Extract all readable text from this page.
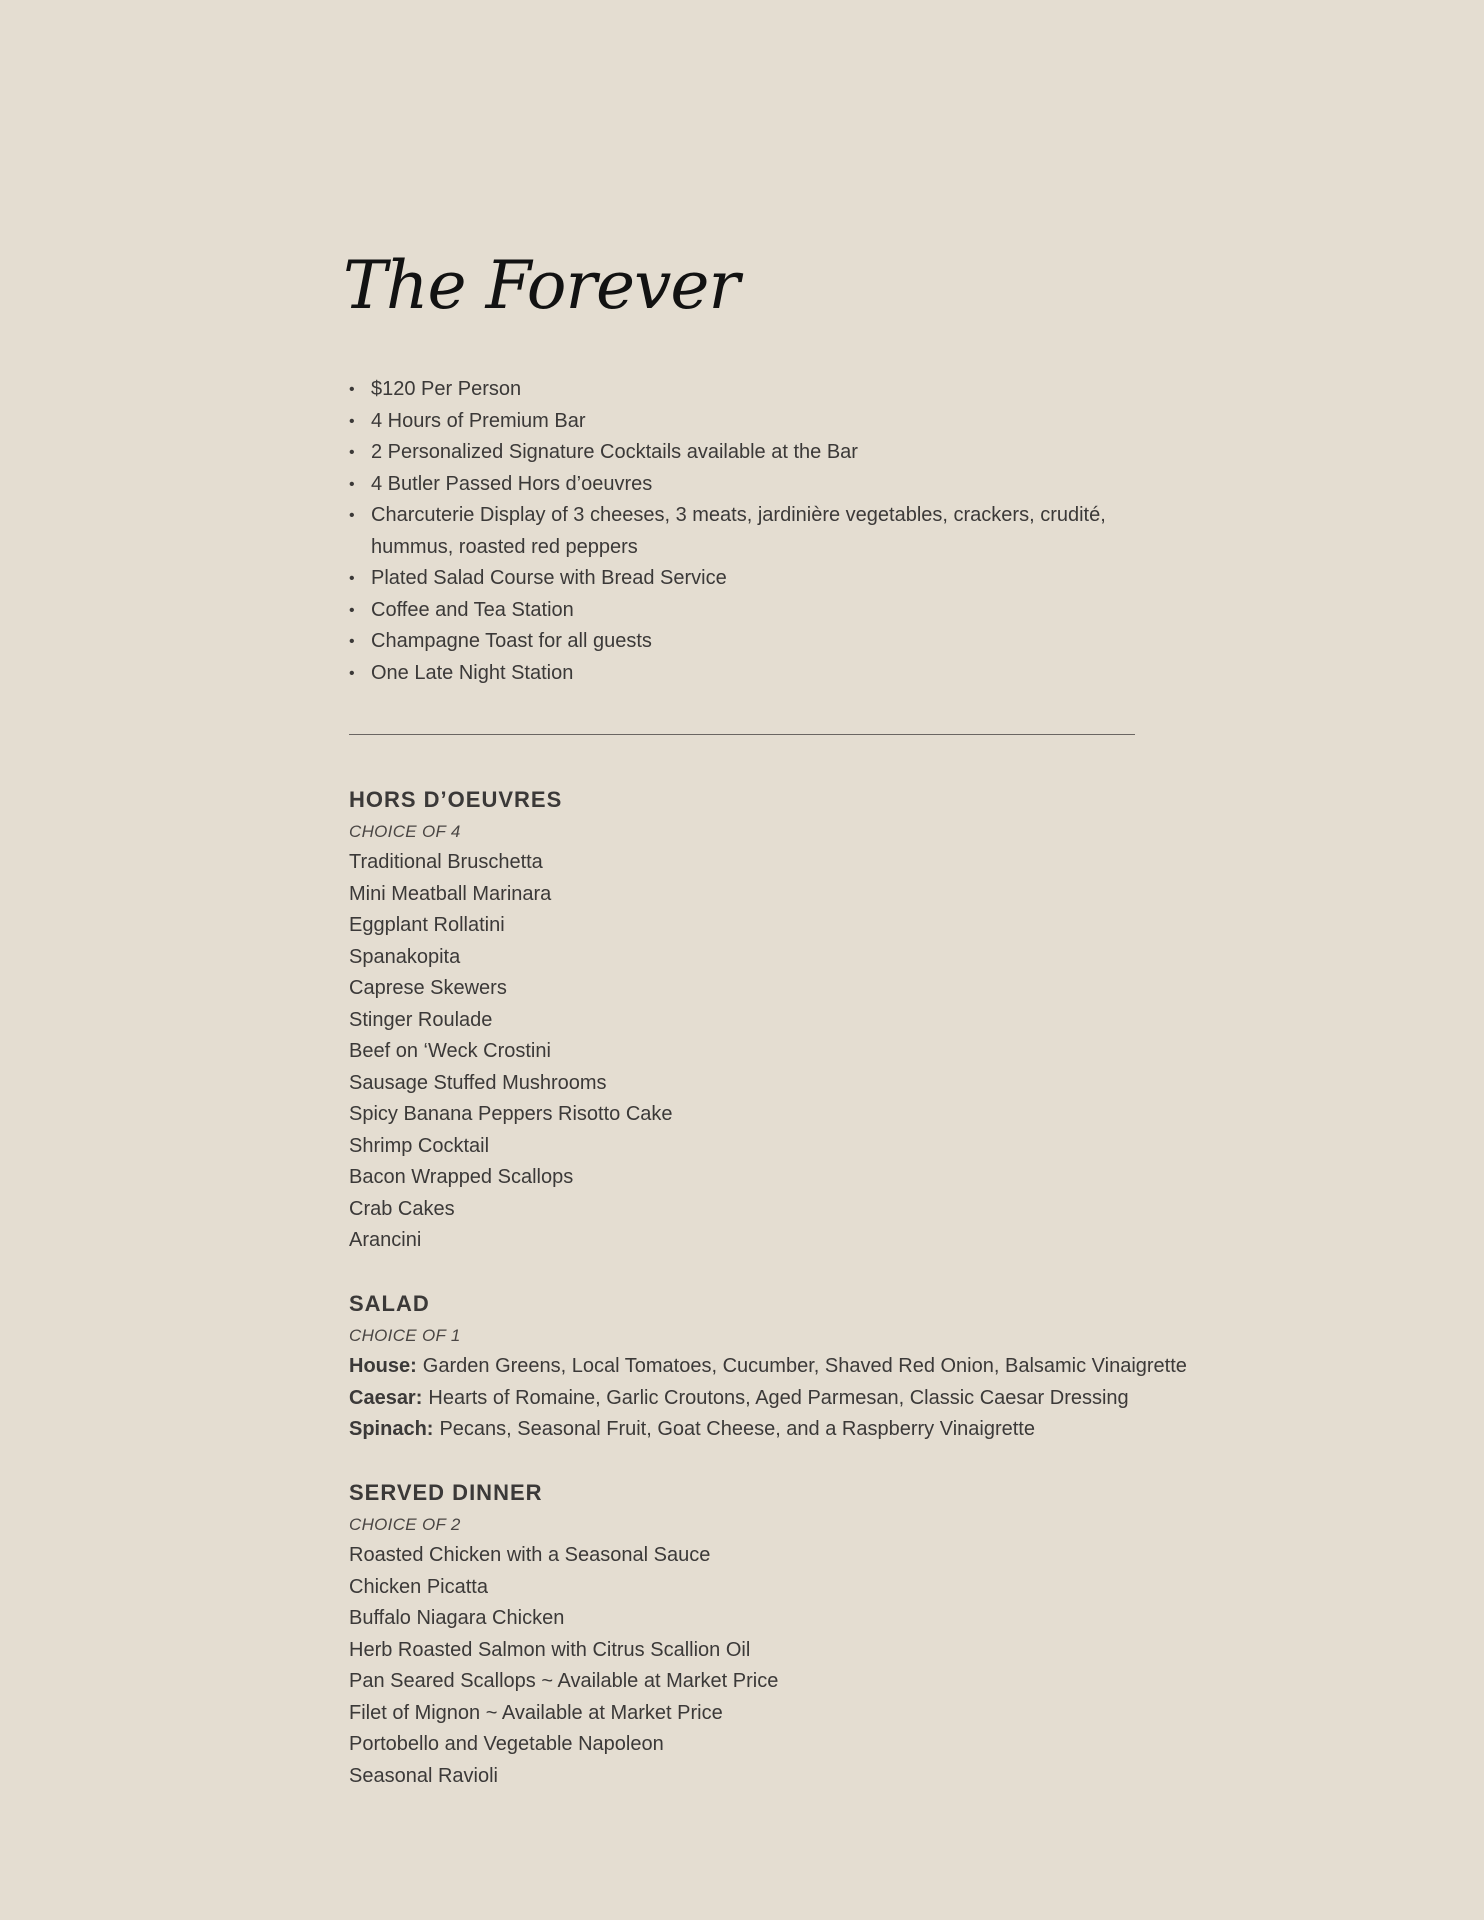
The Forever
• $120 Per Person
• 4 Hours of Premium Bar
• 2 Personalized Signature Cocktails available at the Bar
• 4 Butler Passed Hors d’oeuvres
• Charcuterie Display of 3 cheeses, 3 meats, jardinière vegetables, crackers, crudité, hummus, roasted red peppers
• Plated Salad Course with Bread Service
• Coffee and Tea Station
• Champagne Toast for all guests
• One Late Night Station
HORS D’OEUVRES
CHOICE OF 4
Traditional Bruschetta
Mini Meatball Marinara
Eggplant Rollatini
Spanakopita
Caprese Skewers
Stinger Roulade
Beef on ‘Weck Crostini
Sausage Stuffed Mushrooms
Spicy Banana Peppers Risotto Cake
Shrimp Cocktail
Bacon Wrapped Scallops
Crab Cakes
Arancini
SALAD
CHOICE OF 1
House: Garden Greens, Local Tomatoes, Cucumber, Shaved Red Onion, Balsamic Vinaigrette
Caesar: Hearts of Romaine, Garlic Croutons, Aged Parmesan, Classic Caesar Dressing
Spinach: Pecans, Seasonal Fruit, Goat Cheese, and a Raspberry Vinaigrette
SERVED DINNER
CHOICE OF 2
Roasted Chicken with a Seasonal Sauce
Chicken Picatta
Buffalo Niagara Chicken
Herb Roasted Salmon with Citrus Scallion Oil
Pan Seared Scallops ~ Available at Market Price
Filet of Mignon ~ Available at Market Price
Portobello and Vegetable Napoleon
Seasonal Ravioli
